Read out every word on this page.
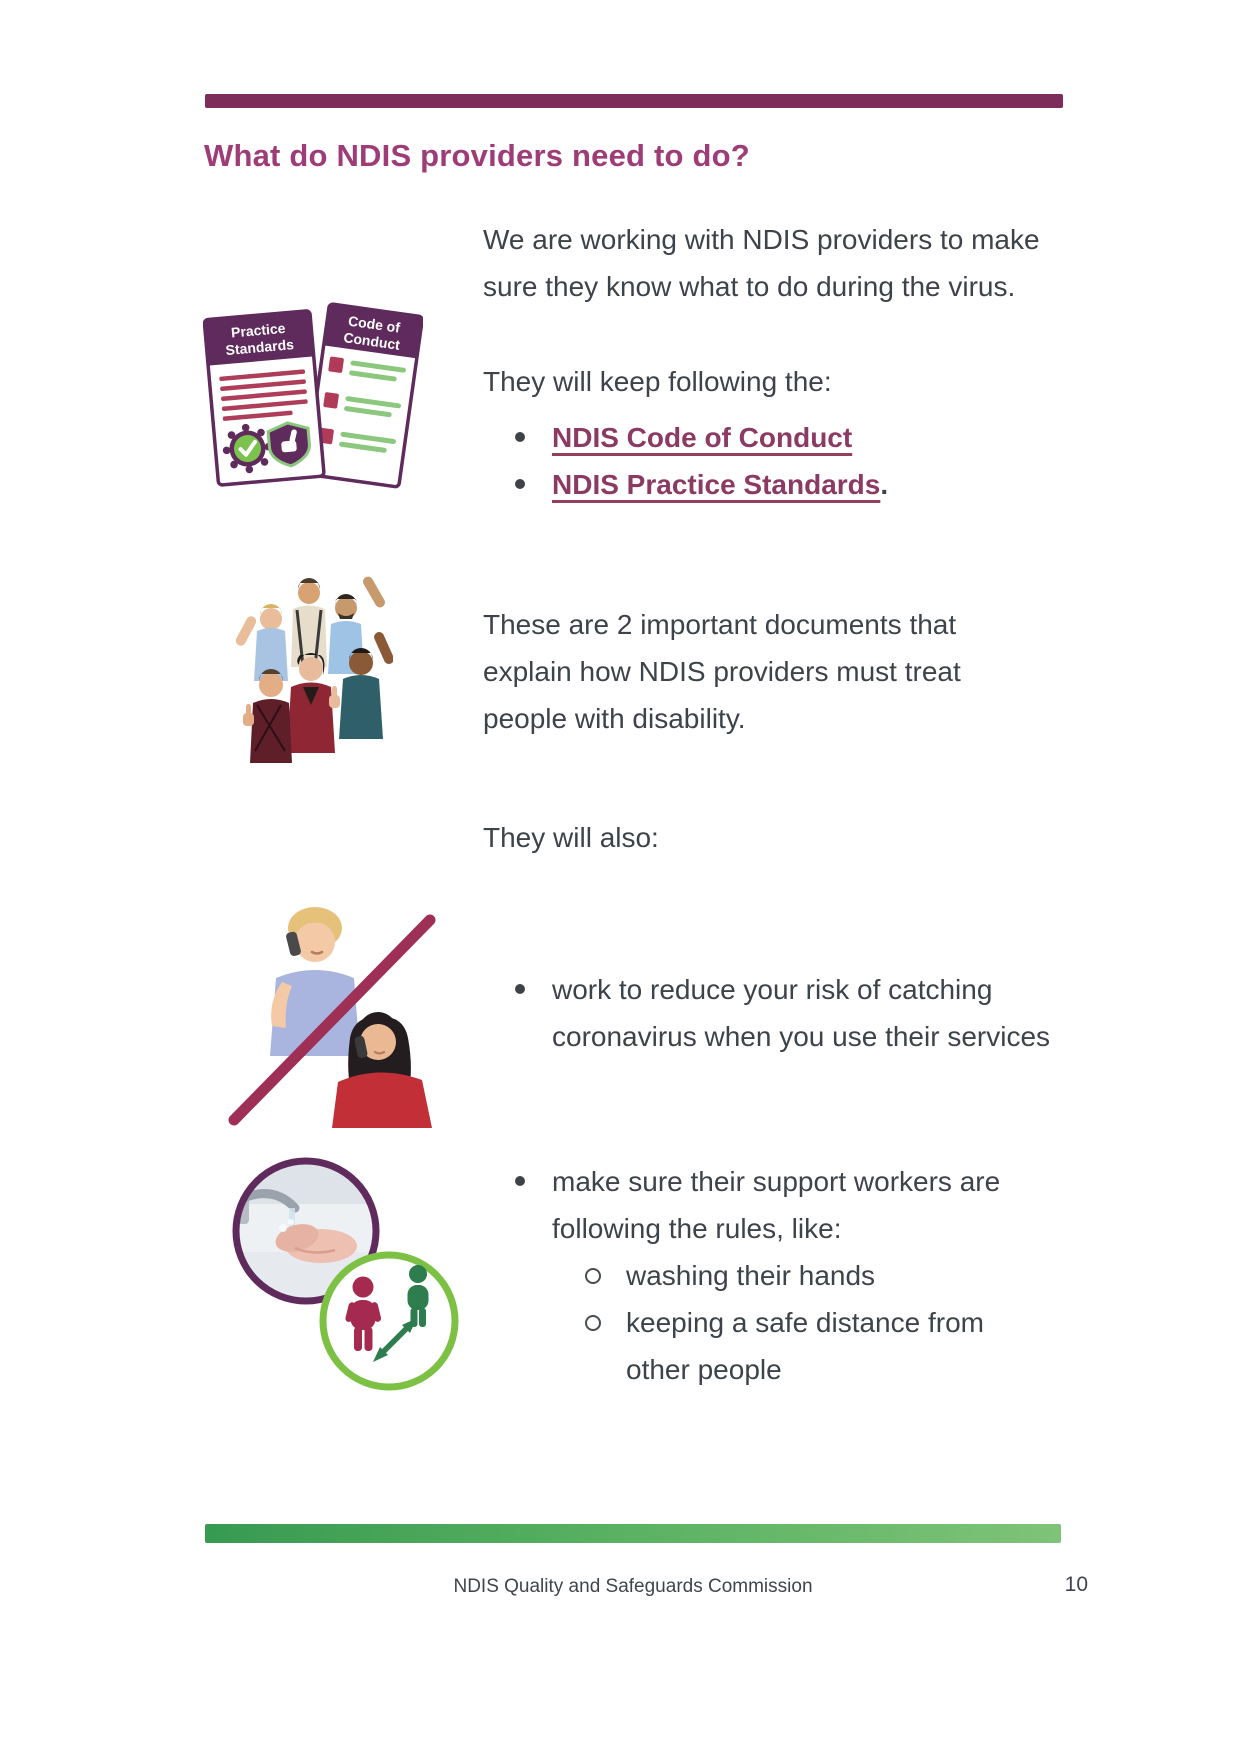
What do NDIS providers need to do?
We are working with NDIS providers to make
sure they know what to do during the virus.
Code of
Conduct
Practice
Standards
They will keep following the:
NDIS Code of Conduct
NDIS Practice Standards.
These are 2 important documents that
explain how NDIS providers must treat
people with disability.
They will also:
work to reduce your risk of catching
coronavirus when you use their services
make sure their support workers are
following the rules, like:
washing their hands
keeping a safe distance from
other people
NDIS Quality and Safeguards Commission	10
